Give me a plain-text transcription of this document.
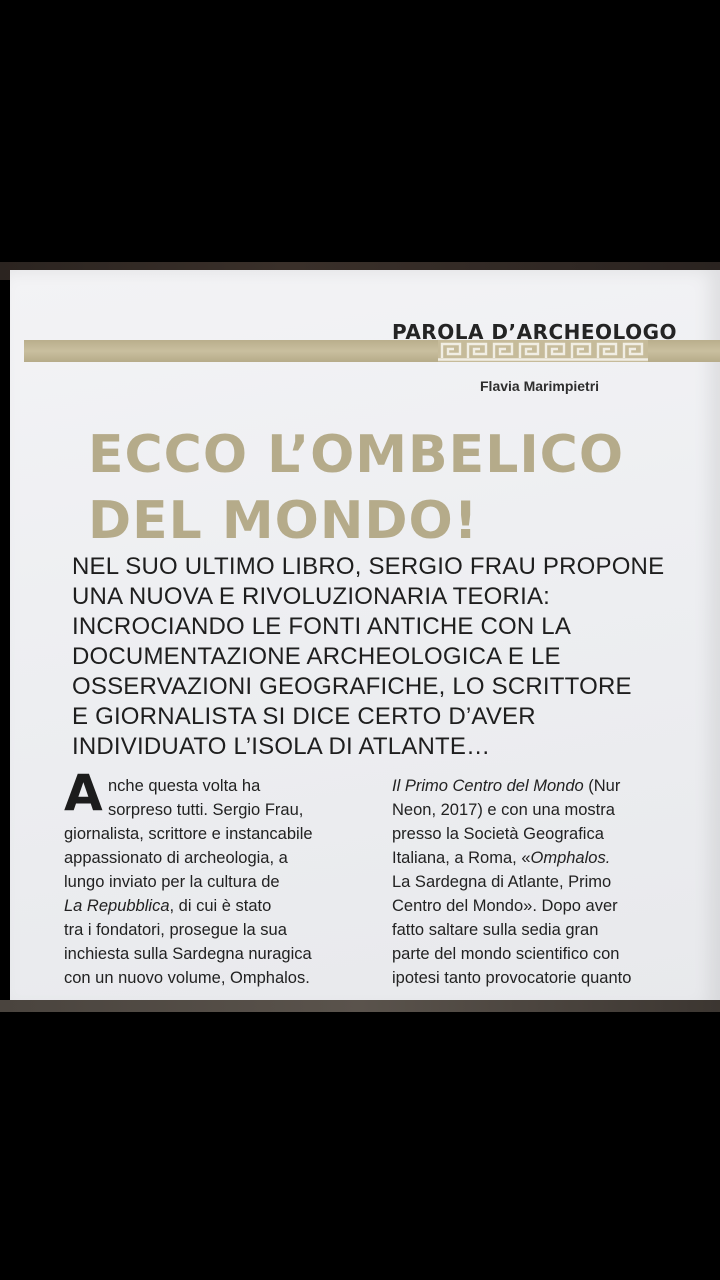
PAROLA D’ARCHEOLOGO
Flavia Marimpietri
ECCO L’OMBELICO
DEL MONDO!
NEL SUO ULTIMO LIBRO, SERGIO FRAU PROPONE
UNA NUOVA E RIVOLUZIONARIA TEORIA:
INCROCIANDO LE FONTI ANTICHE CON LA
DOCUMENTAZIONE ARCHEOLOGICA E LE
OSSERVAZIONI GEOGRAFICHE, LO SCRITTORE
E GIORNALISTA SI DICE CERTO D’AVER
INDIVIDUATO L’ISOLA DI ATLANTE…
A nche questa volta ha
sorpreso tutti. Sergio Frau,
giornalista, scrittore e instancabile
appassionato di archeologia, a
lungo inviato per la cultura de
La Repubblica, di cui è stato
tra i fondatori, prosegue la sua
inchiesta sulla Sardegna nuragica
con un nuovo volume, Omphalos.
Il Primo Centro del Mondo (Nur
Neon, 2017) e con una mostra
presso la Società Geografica
Italiana, a Roma, «Omphalos.
La Sardegna di Atlante, Primo
Centro del Mondo». Dopo aver
fatto saltare sulla sedia gran
parte del mondo scientifico con
ipotesi tanto provocatorie quanto
